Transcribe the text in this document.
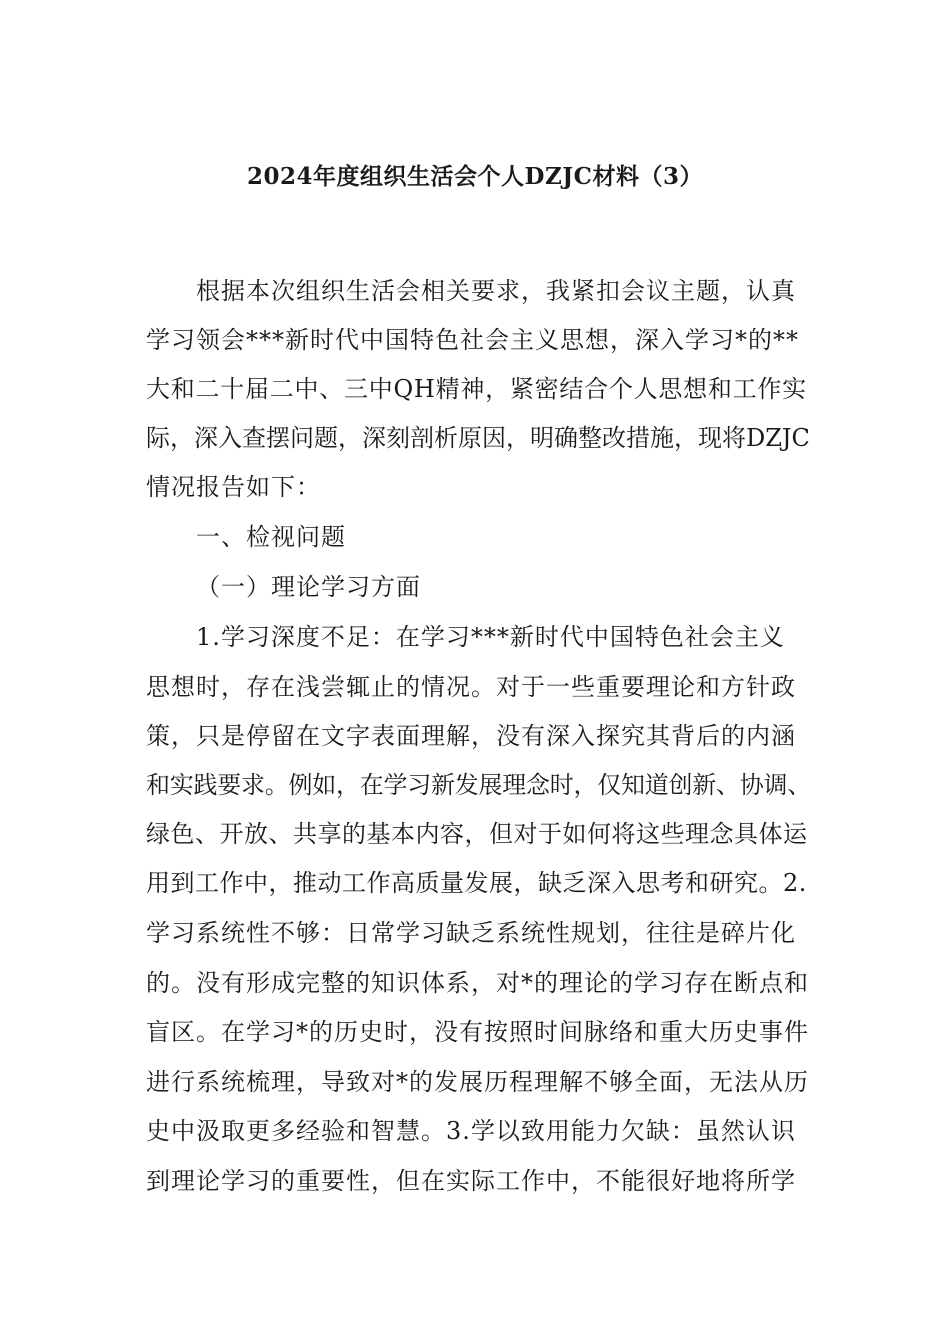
2024年度组织生活会个人DZJC材料（3）
根据本次组织生活会相关要求，我紧扣会议主题，认真
学习领会***新时代中国特色社会主义思想，深入学习*的**
大和二十届二中、三中QH精神，紧密结合个人思想和工作实
际，深入查摆问题，深刻剖析原因，明确整改措施，现将DZJC
情况报告如下：
一、检视问题
（一）理论学习方面
1.学习深度不足：在学习***新时代中国特色社会主义
思想时，存在浅尝辄止的情况。对于一些重要理论和方针政
策，只是停留在文字表面理解，没有深入探究其背后的内涵
和实践要求。例如，在学习新发展理念时，仅知道创新、协调、
绿色、开放、共享的基本内容，但对于如何将这些理念具体运
用到工作中，推动工作高质量发展，缺乏深入思考和研究。2.
学习系统性不够：日常学习缺乏系统性规划，往往是碎片化
的。没有形成完整的知识体系，对*的理论的学习存在断点和
盲区。在学习*的历史时，没有按照时间脉络和重大历史事件
进行系统梳理，导致对*的发展历程理解不够全面，无法从历
史中汲取更多经验和智慧。3.学以致用能力欠缺：虽然认识
到理论学习的重要性，但在实际工作中，不能很好地将所学
